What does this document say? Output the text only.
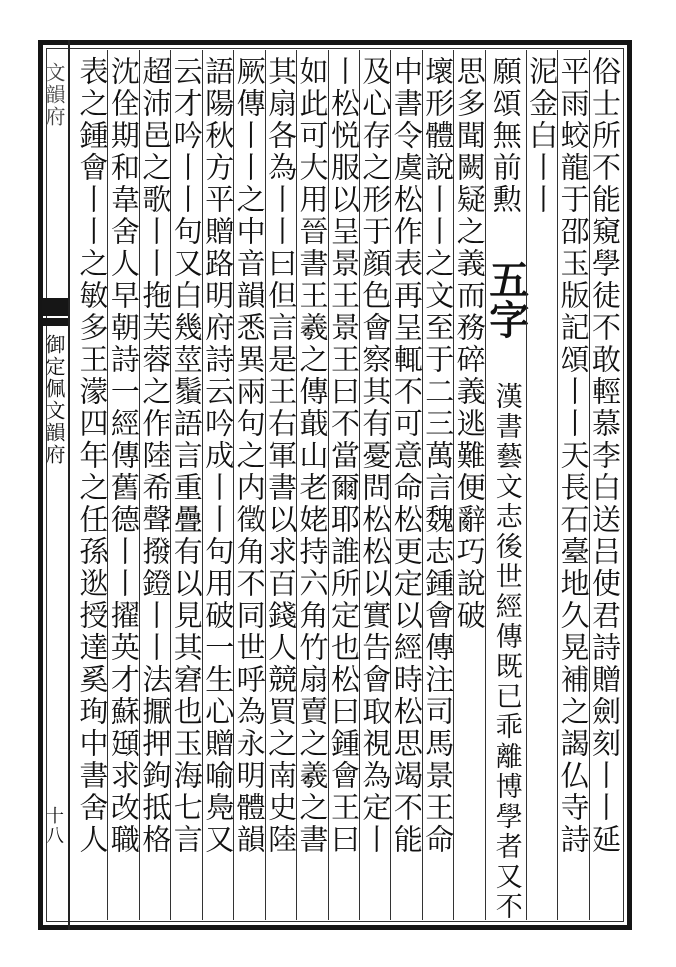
文韻府
御定佩文韻府
十八	俗士所不能窺學徒不敢輕慕李白送吕使君詩贈劍刻丨丨延
平雨蛟龍于邵玉版記頌丨丨天長石臺地久晃補之謁仏寺詩
泥金白丨丨
願頌無前勲 五字 漢書藝文志後世經傳既已乖離博學者又不
思多聞闕疑之義而務碎義逃難便辭巧說破
壞形體說丨丨之文至于二三萬言魏志鍾會傳注司馬景王命
中書令虞松作表再呈輒不可意命松更定以經時松思竭不能
及心存之形于顔色會察其有憂問松松以實告會取視為定丨
丨松悦服以呈景王景王曰不當爾耶誰所定也松曰鍾會王曰
如此可大用晉書王羲之傳蕺山老姥持六角竹扇賣之羲之書
其扇各為丨丨曰但言是王右軍書以求百錢人競買之南史陸
厥傳丨丨之中音韻悉異兩句之内徵角不同世呼為永明體韻
語陽秋方平贈路明府詩云吟成丨丨句用破一生心贈喻鳧又
云才吟丨丨句又白幾莖鬚語言重疊有以見其窘也玉海七言
超沛邑之歌丨丨拖芙蓉之作陸希聲撥鐙丨丨法擫押鉤抵格
沈佺期和韋舍人早朝詩一經傳舊德丨丨擢英才蘇頲求改職
表之鍾會丨丨之敏多王濛四年之任孫逖授達奚珣中書舍人
